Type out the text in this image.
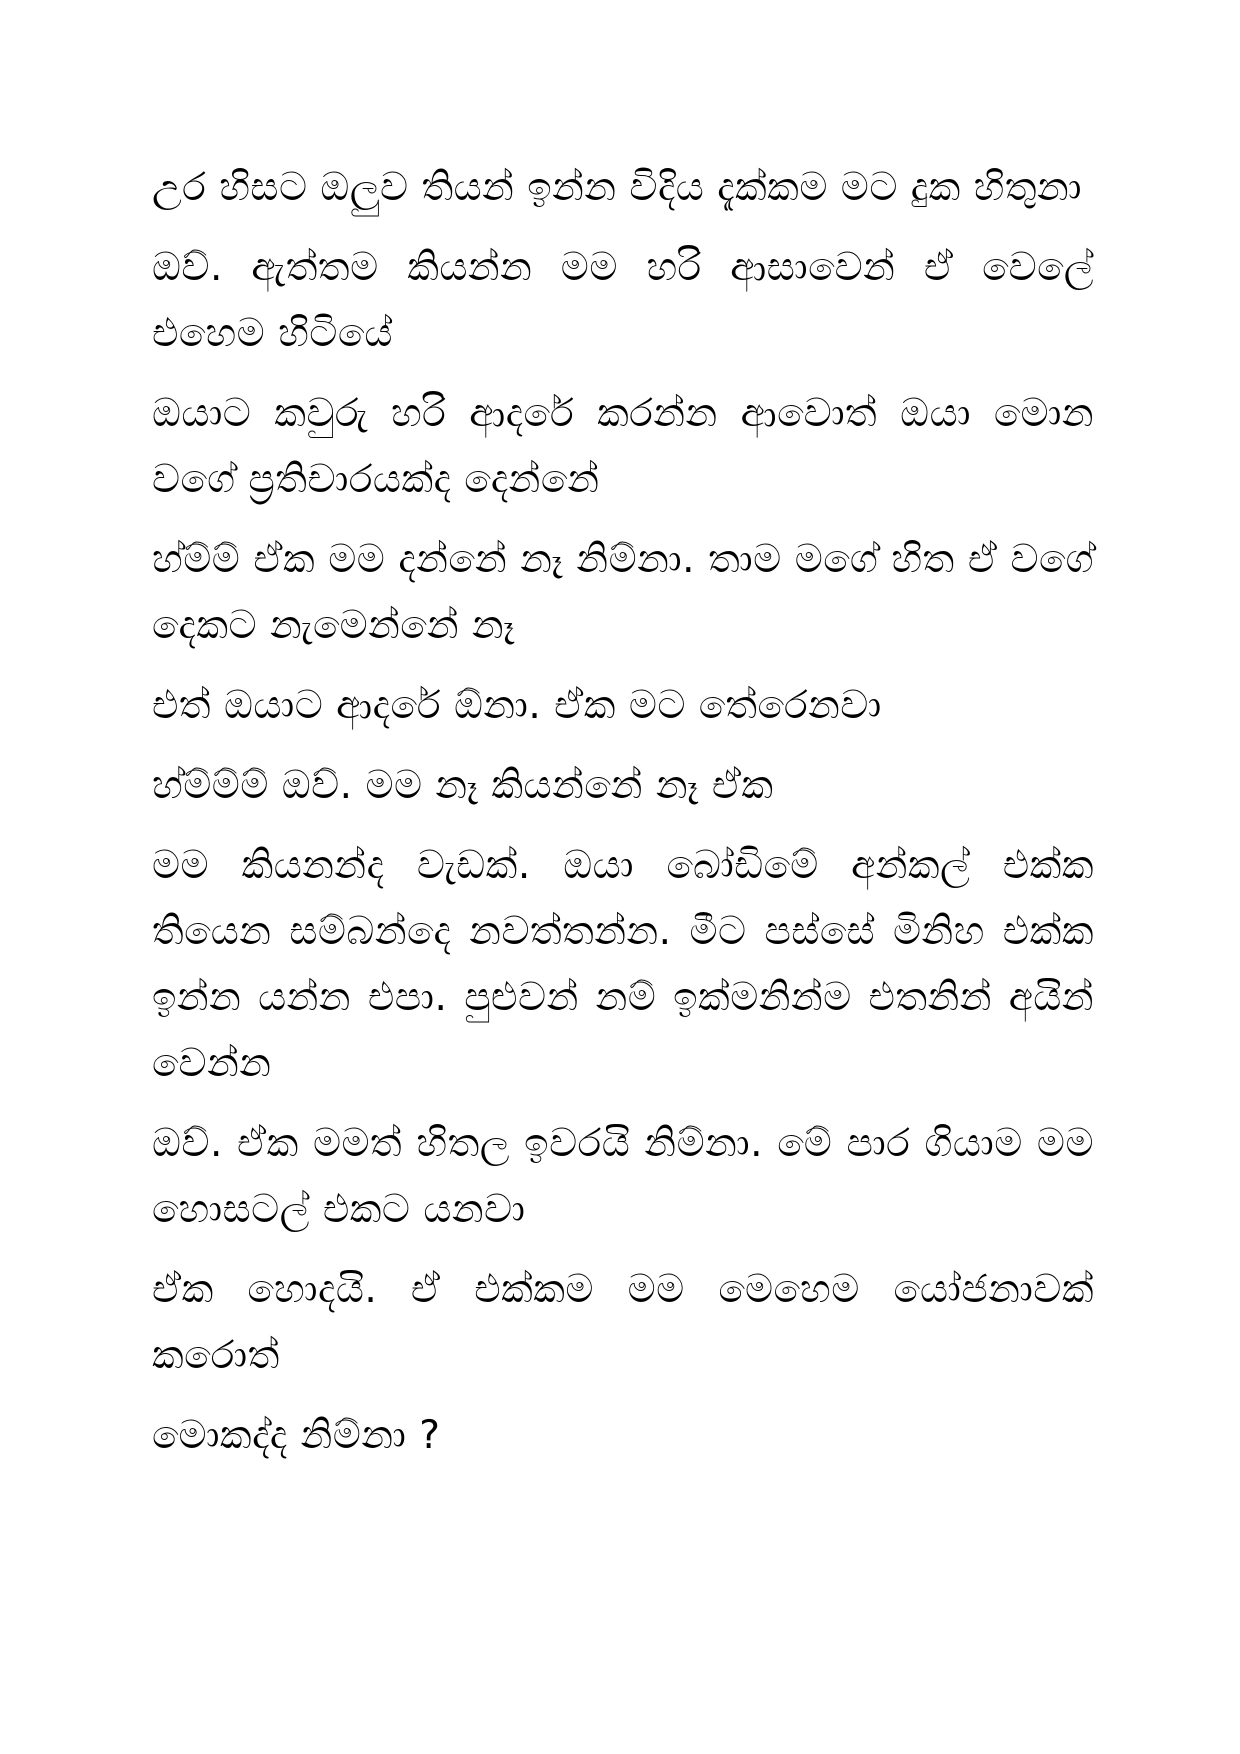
උර හිසට ඔලුව තියන් ඉන්න විදිය දැක්කම මට දුක හිතුනා

ඔව්. ඇත්තම කියන්න මම හරි ආසාවෙන් ඒ වෙලේ එහෙම හිටියේ

ඔයාට කවුරු හරි ආදරේ කරන්න ආවොත් ඔයා මොන වගේ ප්‍රතිචාරයක්ද දෙන්නේ

හ්ම්ම් ඒක මම දන්නේ නෑ නිම්නා. තාම මගේ හිත ඒ වගේ දෙකට නැමෙන්නේ නෑ

එත් ඔයාට ආදරේ ඕනා. ඒක මට තේරෙනවා

හ්ම්ම්ම් ඔව්. මම නෑ කියන්නේ නෑ ඒක

මම කියනන්ද වැඩක්. ඔයා බෝඩිමේ අන්කල් එක්ක තියෙන සම්බන්දෙ නවත්තන්න. මීට පස්සේ මිනිහ එක්ක ඉන්න යන්න එපා. පුළුවන් නම් ඉක්මනින්ම එතනින් අයින් වෙන්න

ඔව්. ඒක මමත් හිතල ඉවරයි නිම්නා. මේ පාර ගියාම මම හොසටල් එකට යනවා

ඒක හොදයි. ඒ එක්කම මම මෙහෙම යෝජනාවක් කරොත්

මොකද්ද නිම්නා ?
